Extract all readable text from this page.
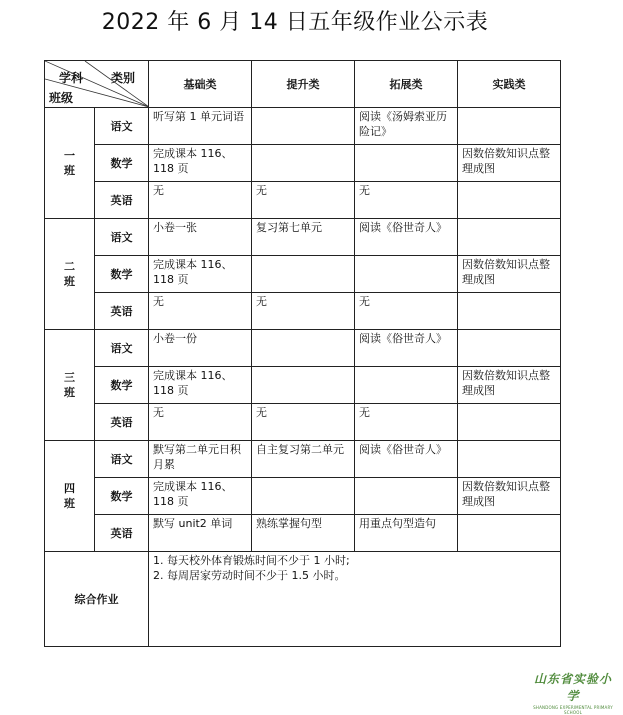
2022 年 6 月 14 日五年级作业公示表
学科 类别
班级		基础类	提升类	拓展类	实践类
一
班	语文	听写第 1 单元词语		阅读《汤姆索亚历险记》	
	数学	完成课本 116、118 页			因数倍数知识点整理成图
	英语	无	无	无	
二
班	语文	小卷一张	复习第七单元	阅读《俗世奇人》	
	数学	完成课本 116、118 页			因数倍数知识点整理成图
	英语	无	无	无	
三
班	语文	小卷一份		阅读《俗世奇人》	
	数学	完成课本 116、118 页			因数倍数知识点整理成图
	英语	无	无	无	
四
班	语文	默写第二单元日积月累	自主复习第二单元	阅读《俗世奇人》	
	数学	完成课本 116、118 页			因数倍数知识点整理成图
	英语	默写 unit2 单词	熟练掌握句型	用重点句型造句	
综合作业		1. 每天校外体育锻炼时间不少于 1 小时;
2. 每周居家劳动时间不少于 1.5 小时。			
山东省实验小学
SHANDONG EXPERIMENTAL PRIMARY SCHOOL
